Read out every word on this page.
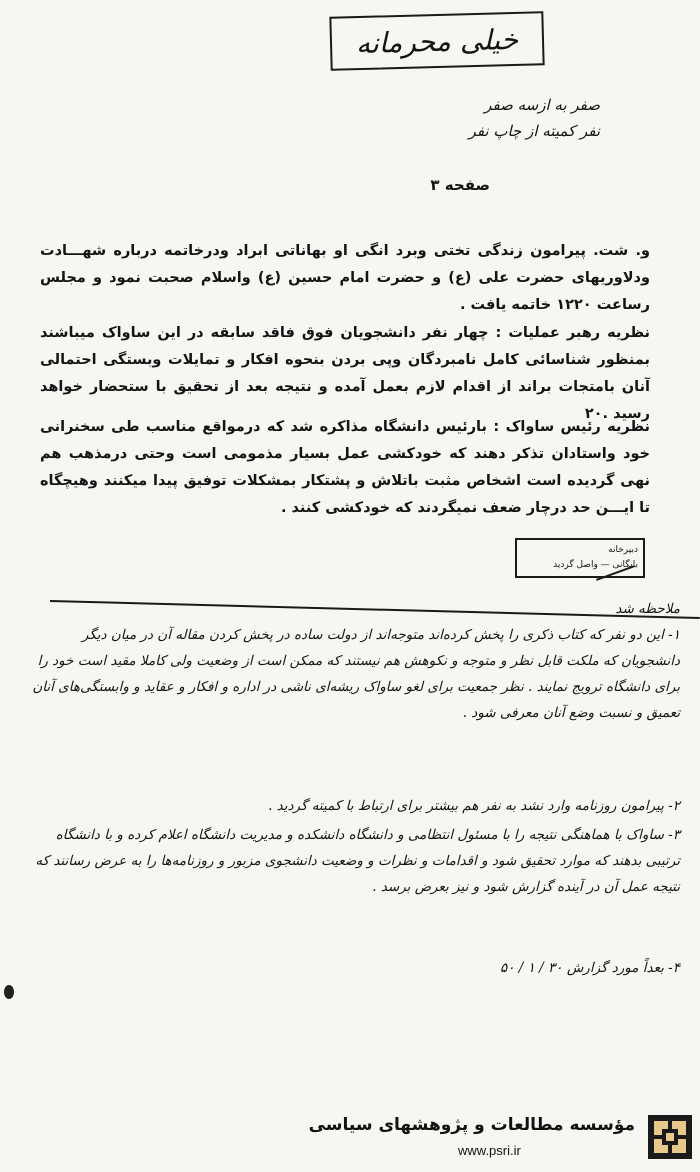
خیلی محرمانه
صفر به ازسه صفر
نفر کمیته از چاپ نفر
صفحه ۳
و. شت. پیرامون زندگی تختی وبرد انگی او بهاناتی ابراد ودرخاتمه درباره شهـــادت ودلاوریهای حضرت علی (ع) و حضرت امام حسین (ع) واسلام صحبت نمود و مجلس رساعت ۱۲۲۰ خاتمه یافت .
نظریه رهبر عملیات : چهار نفر دانشجویان فوق فاقد سابقه در این ساواک میباشند بمنظور شناسائی کامل نامبردگان وپی بردن بنحوه افکار و تمایلات وبستگی احتمالی آنان بامتجات براند از اقدام لازم بعمل آمده و نتیجه بعد از تحقیق با ستحضار خواهد رسید .۲۰
نظریه رئیس ساواک : بارئیس دانشگاه مذاکره شد که درمواقع مناسب طی سخنرانی خود واستادان تذکر دهند که خودکشی عمل بسیار مذمومی است وحتی درمذهب هم نهی گردیده است اشخاص مثبت باتلاش و پشتکار بمشکلات توفیق پیدا میکنند وهیچگاه تا ایـــن حد درچار ضعف نمیگردند که خودکشی کنند .
دبیرخانه
بایگانی — واصل گردید
ملاحظه شد
۱- این دو نفر که کتاب ذکری را پخش کرده‌اند متوجه‌اند از دولت ساده در پخش کردن مقاله آن در میان دیگر دانشجویان که ملکت قابل نظر و متوجه و نکوهش هم نیستند که ممکن است از وضعیت ولی کاملا مقید است خود را برای دانشگاه ترویج نمایند . نظر جمعیت برای لغو ساواک ریشه‌ای ناشی در اداره و افکار و عقاید و وابستگی‌های آنان تعمیق و نسبت وضع آنان معرفی شود .
۲- پیرامون روزنامه وارد نشد به نفر هم بیشتر برای ارتباط با کمیته گردید .
۳- ساواک با هماهنگی نتیجه را با مسئول انتظامی و دانشگاه دانشکده و مدیریت دانشگاه اعلام کرده و با دانشگاه ترتیبی بدهند که موارد تحقیق شود و اقدامات و نظرات و وضعیت دانشجوی مزبور و روزنامه‌ها را به عرض رسانند که نتیجه عمل آن در آینده گزارش شود و نیز بعرض برسد .
۴- بعداً مورد گزارش ۳۰ / ۱ / ۵۰
مؤسسه مطالعات و پژوهشهای سیاسی
www.psri.ir
